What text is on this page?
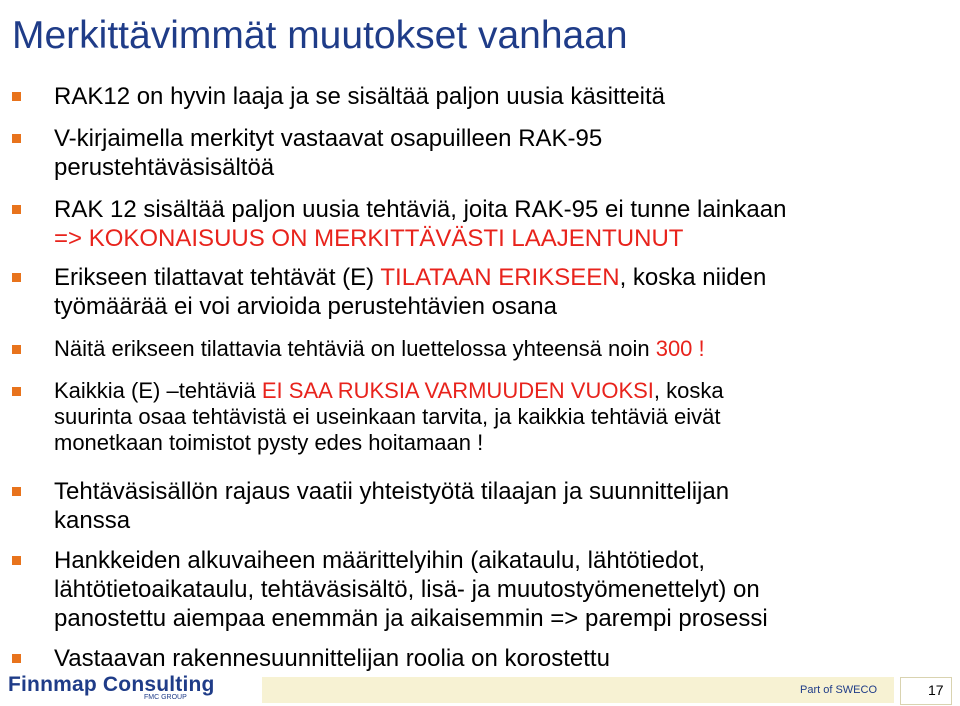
Merkittävimmät muutokset vanhaan
RAK12 on hyvin laaja ja se sisältää paljon uusia käsitteitä
V-kirjaimella merkityt vastaavat osapuilleen RAK-95
perustehtäväsisältöä
RAK 12 sisältää paljon uusia tehtäviä, joita RAK-95 ei tunne lainkaan
=> KOKONAISUUS ON MERKITTÄVÄSTI LAAJENTUNUT
Erikseen tilattavat tehtävät (E) TILATAAN ERIKSEEN, koska niiden
työmäärää ei voi arvioida perustehtävien osana
Näitä erikseen tilattavia tehtäviä on luettelossa yhteensä noin 300 !
Kaikkia (E) –tehtäviä EI SAA RUKSIA VARMUUDEN VUOKSI, koska
suurinta osaa tehtävistä ei useinkaan tarvita, ja kaikkia tehtäviä eivät
monetkaan toimistot pysty edes hoitamaan !
Tehtäväsisällön rajaus vaatii yhteistyötä tilaajan ja suunnittelijan
kanssa
Hankkeiden alkuvaiheen määrittelyihin (aikataulu, lähtötiedot,
lähtötietoaikataulu, tehtäväsisältö, lisä- ja muutostyömenettelyt) on
panostettu aiempaa enemmän ja aikaisemmin => parempi prosessi
Vastaavan rakennesuunnittelijan roolia on korostettu
Finnmap Consulting
FMC GROUP
Part of SWECO	17
